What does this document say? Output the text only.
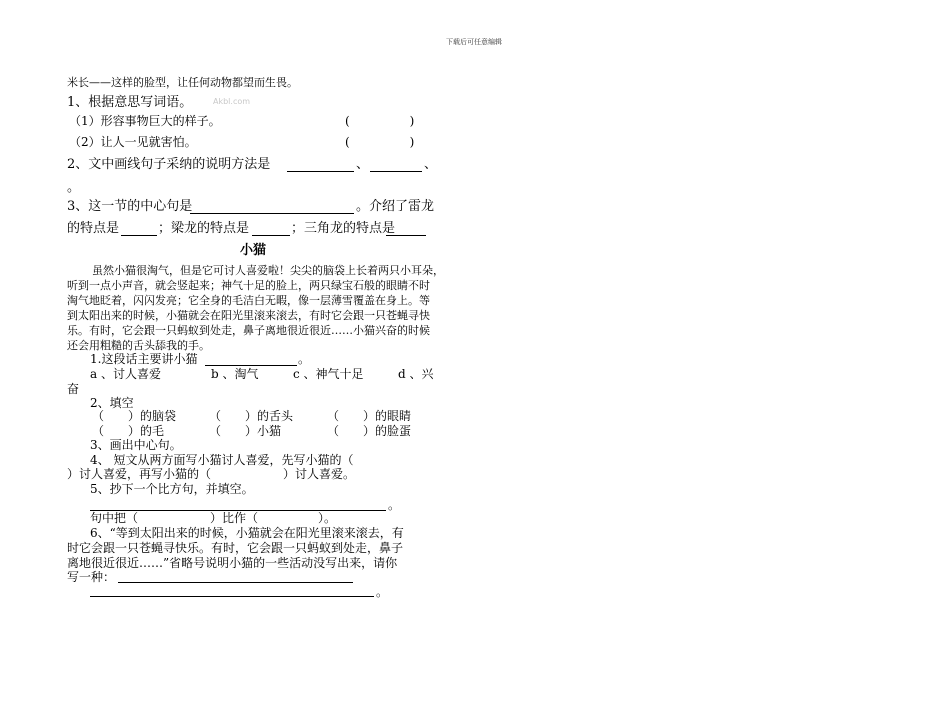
下载后可任意编辑
米长——这样的脸型，让任何动物都望而生畏。
1、根据意思写词语。	Akbl.com
（1）形容事物巨大的样子。	(　　　　　)
（2）让人一见就害怕。	(　　　　　)
2、文中画线句子采纳的说明方法是	、	、
。
3、这一节的中心句是	。介绍了雷龙
的特点是	；梁龙的特点是	；三角龙的特点是
小猫
虽然小猫很淘气，但是它可讨人喜爱啦！尖尖的脑袋上长着两只小耳朵，
听到一点小声音，就会竖起来；神气十足的脸上，两只绿宝石般的眼睛不时
淘气地眨着，闪闪发亮；它全身的毛洁白无暇，像一层薄雪覆盖在身上。等
到太阳出来的时候，小猫就会在阳光里滚来滚去，有时它会跟一只苍蝇寻快
乐。有时，它会跟一只蚂蚁到处走，鼻子离地很近很近……小猫兴奋的时候
还会用粗糙的舌头舔我的手。
1.这段话主要讲小猫	。
a 、讨人喜爱	b 、淘气	c 、神气十足	d 、兴
奋
2、填空
（　　）的脑袋	（　　）的舌头	（　　）的眼睛
（　　）的毛	（　　）小猫	（　　）的脸蛋
3、画出中心句。
4、 短文从两方面写小猫讨人喜爱，先写小猫的（
）讨人喜爱，再写小猫的（　　　　　　）讨人喜爱。
5、抄下一个比方句，并填空。
。
句中把（　　　　　　）比作（　　　　　）。
6、“等到太阳出来的时候，小猫就会在阳光里滚来滚去，有
时它会跟一只苍蝇寻快乐。有时，它会跟一只蚂蚁到处走，鼻子
离地很近很近……”省略号说明小猫的一些活动没写出来，请你
写一种：
。
